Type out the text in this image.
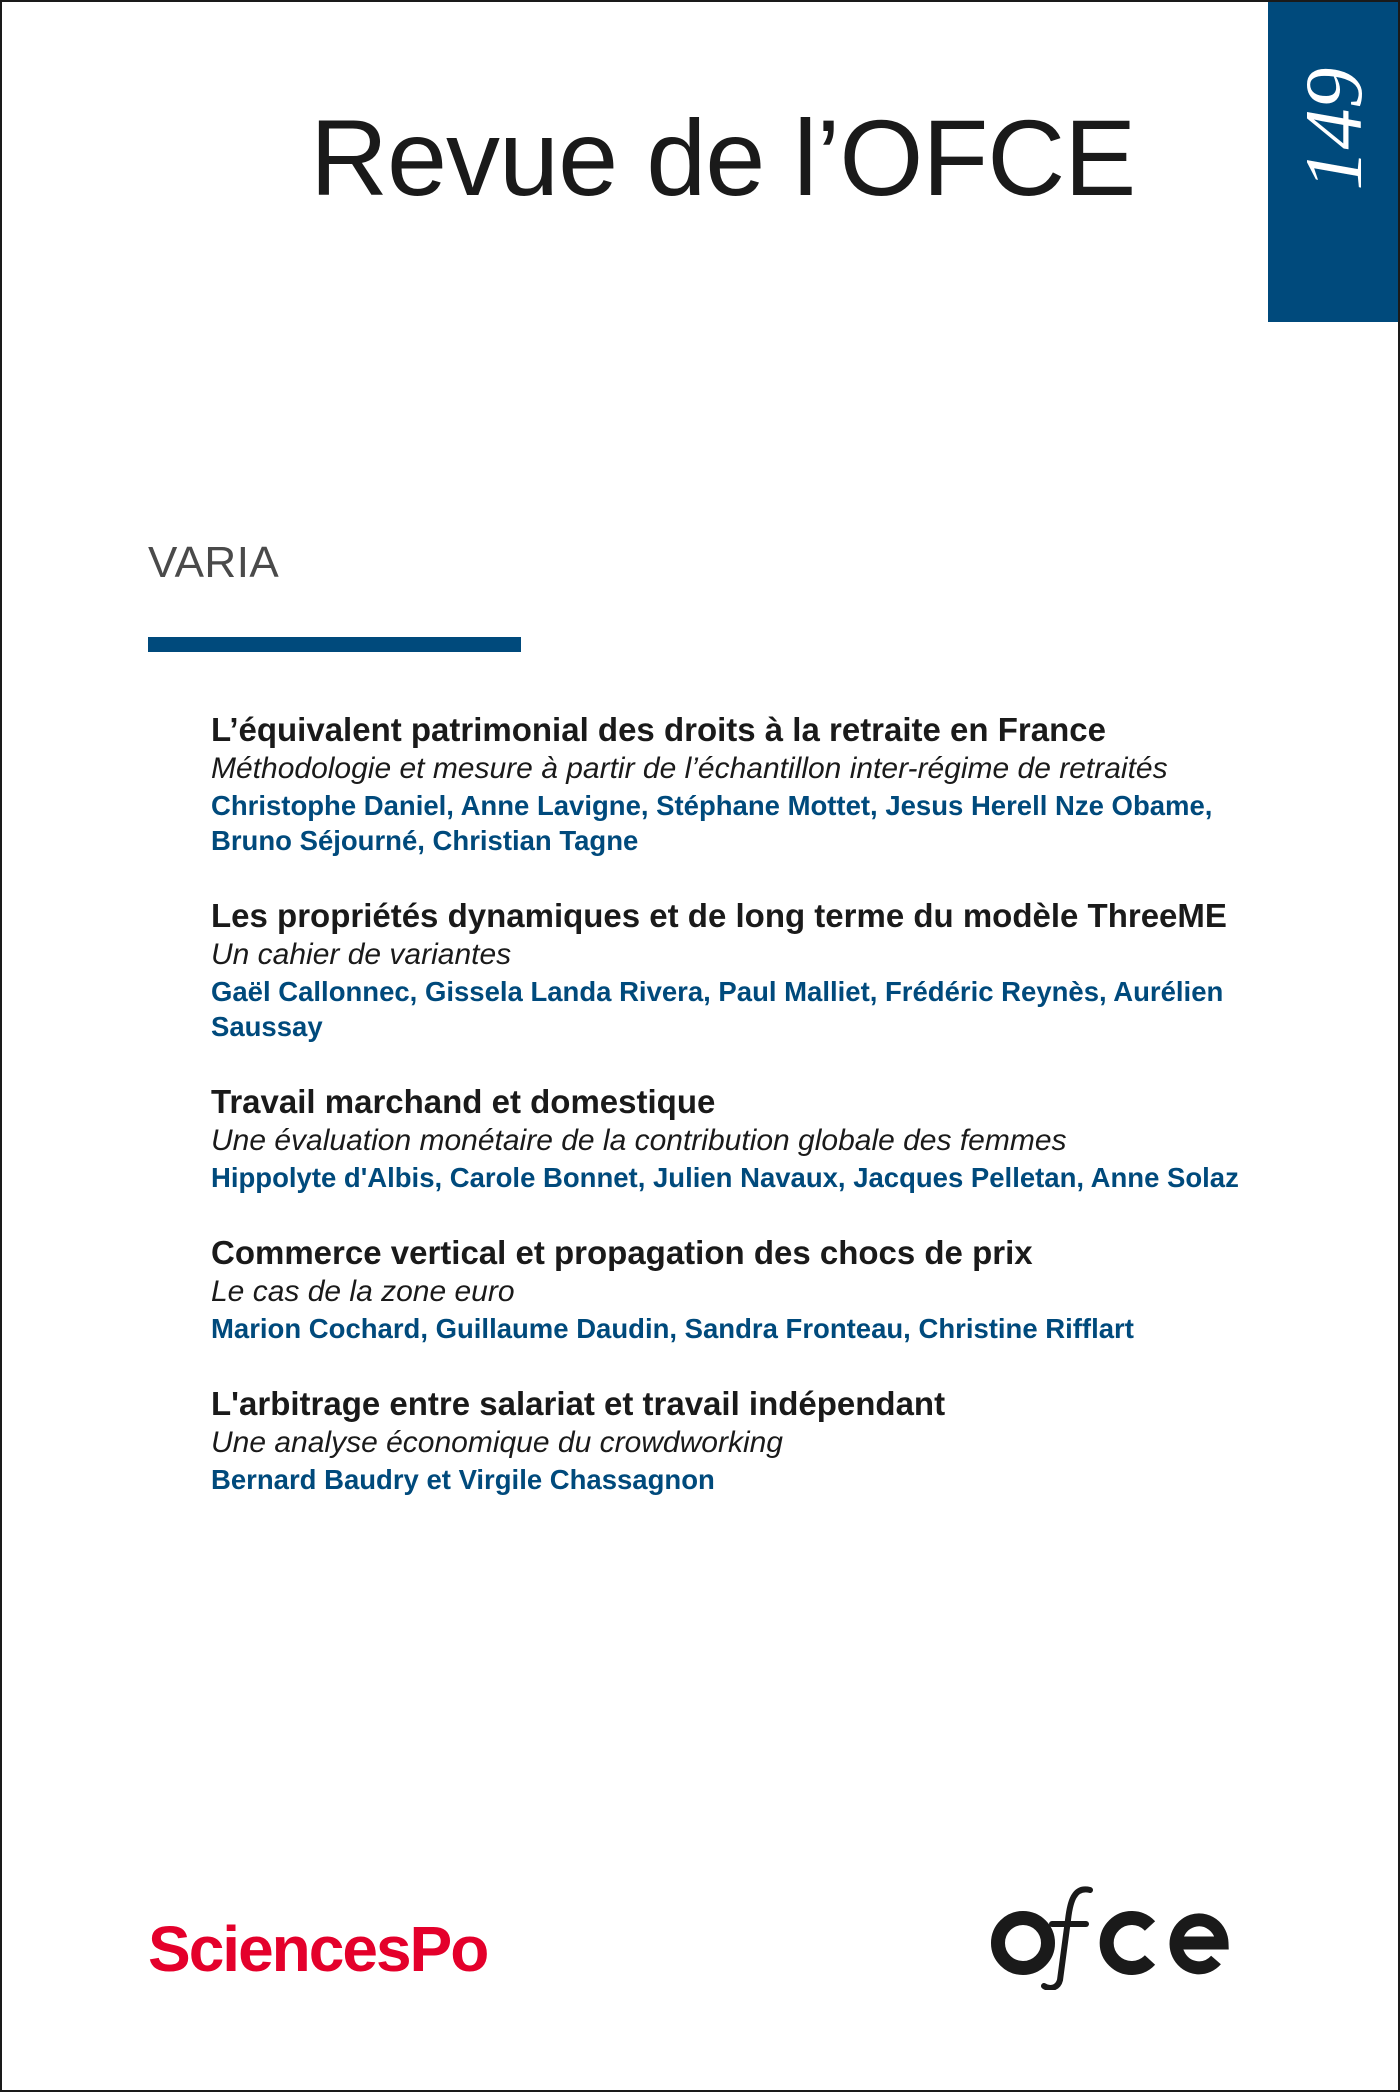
Revue de l’OFCE 149
VARIA
L’équivalent patrimonial des droits à la retraite en France
Méthodologie et mesure à partir de l’échantillon inter-régime de retraités
Christophe Daniel, Anne Lavigne, Stéphane Mottet, Jesus Herell Nze Obame, Bruno Séjourné, Christian Tagne
Les propriétés dynamiques et de long terme du modèle ThreeME
Un cahier de variantes
Gaël Callonnec, Gissela Landa Rivera, Paul Malliet, Frédéric Reynès, Aurélien Saussay
Travail marchand et domestique
Une évaluation monétaire de la contribution globale des femmes
Hippolyte d'Albis, Carole Bonnet, Julien Navaux, Jacques Pelletan, Anne Solaz
Commerce vertical et propagation des chocs de prix
Le cas de la zone euro
Marion Cochard, Guillaume Daudin, Sandra Fronteau, Christine Rifflart
L'arbitrage entre salariat et travail indépendant
Une analyse économique du crowdworking
Bernard Baudry et Virgile Chassagnon
SciencesPo
